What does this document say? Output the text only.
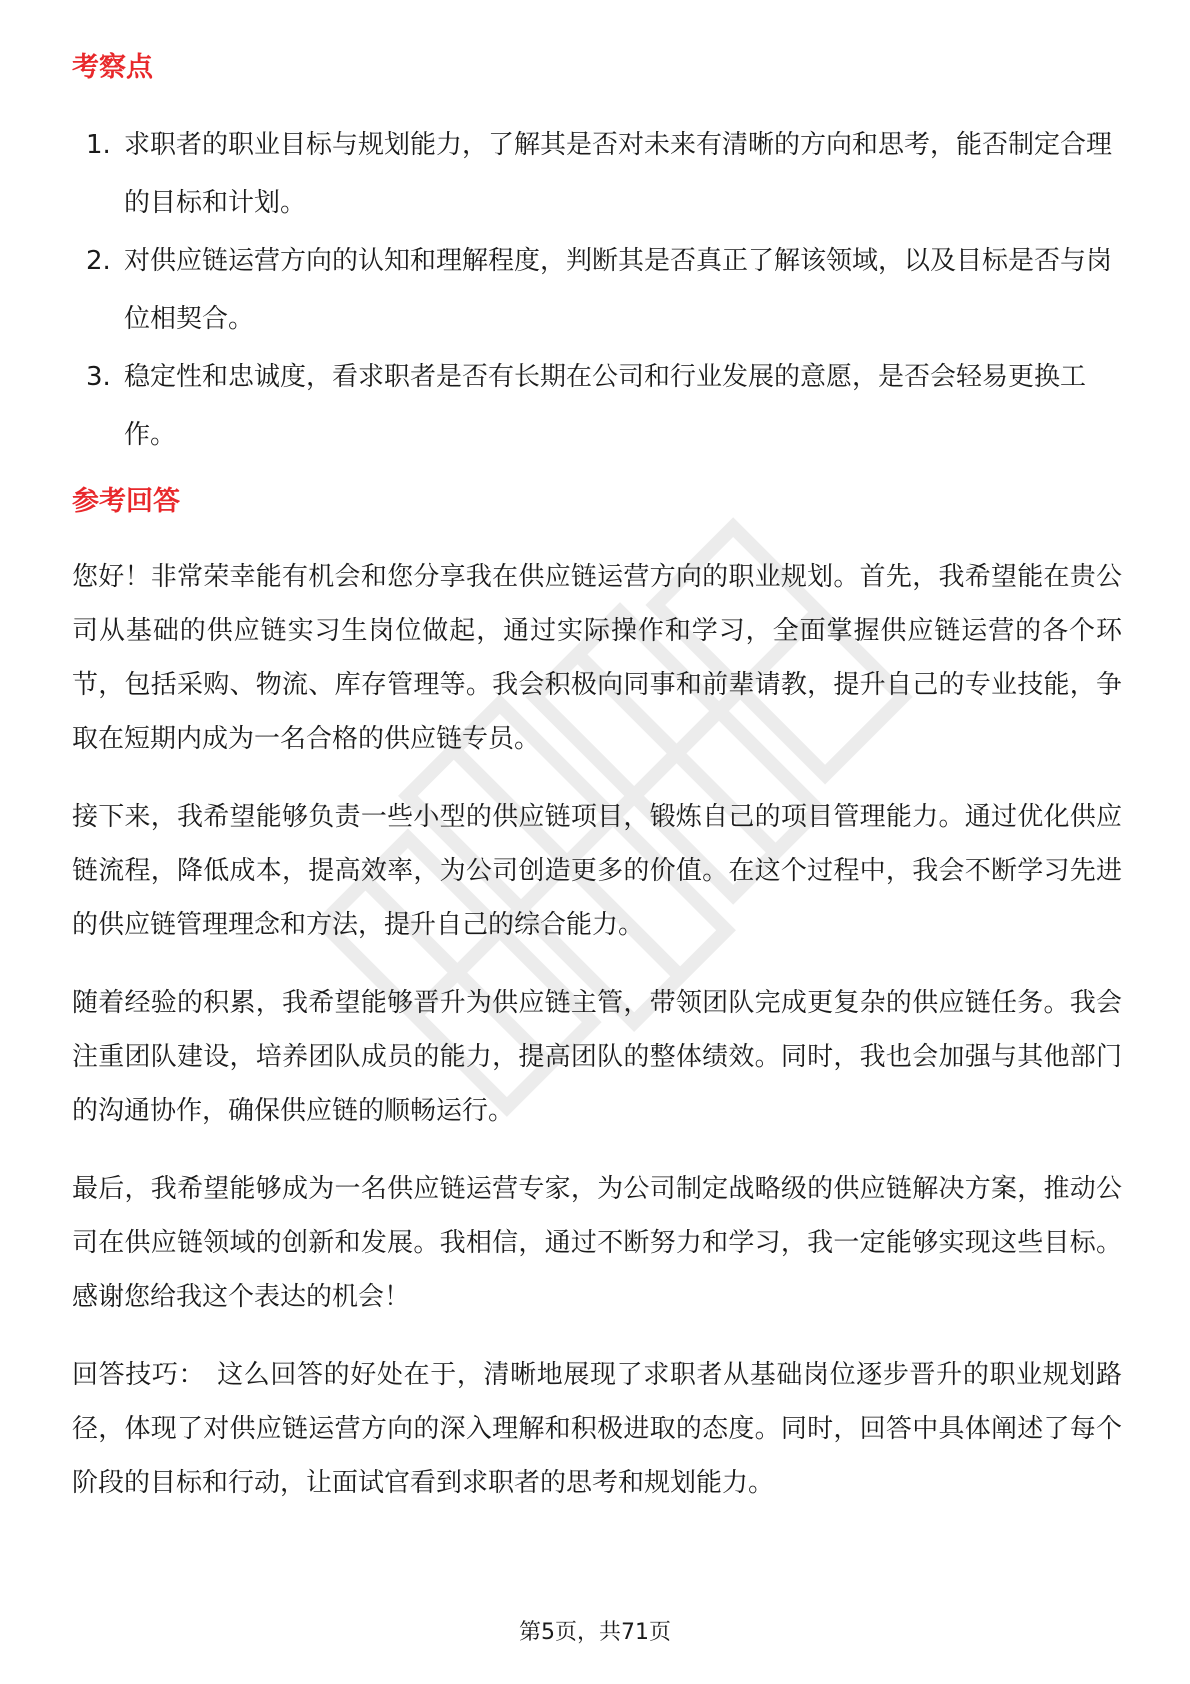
考察点
1. 求职者的职业目标与规划能力，了解其是否对未来有清晰的方向和思考，能否制定合理的目标和计划。
2. 对供应链运营方向的认知和理解程度，判断其是否真正了解该领域，以及目标是否与岗位相契合。
3. 稳定性和忠诚度，看求职者是否有长期在公司和行业发展的意愿，是否会轻易更换工作。
参考回答

您好！非常荣幸能有机会和您分享我在供应链运营方向的职业规划。首先，我希望能在贵公司从基础的供应链实习生岗位做起，通过实际操作和学习，全面掌握供应链运营的各个环节，包括采购、物流、库存管理等。我会积极向同事和前辈请教，提升自己的专业技能，争取在短期内成为一名合格的供应链专员。

接下来，我希望能够负责一些小型的供应链项目，锻炼自己的项目管理能力。通过优化供应链流程，降低成本，提高效率，为公司创造更多的价值。在这个过程中，我会不断学习先进的供应链管理理念和方法，提升自己的综合能力。

随着经验的积累，我希望能够晋升为供应链主管，带领团队完成更复杂的供应链任务。我会注重团队建设，培养团队成员的能力，提高团队的整体绩效。同时，我也会加强与其他部门的沟通协作，确保供应链的顺畅运行。

最后，我希望能够成为一名供应链运营专家，为公司制定战略级的供应链解决方案，推动公司在供应链领域的创新和发展。我相信，通过不断努力和学习，我一定能够实现这些目标。感谢您给我这个表达的机会！

回答技巧： 这么回答的好处在于，清晰地展现了求职者从基础岗位逐步晋升的职业规划路径，体现了对供应链运营方向的深入理解和积极进取的态度。同时，回答中具体阐述了每个阶段的目标和行动，让面试官看到求职者的思考和规划能力。

第5页，共71页
